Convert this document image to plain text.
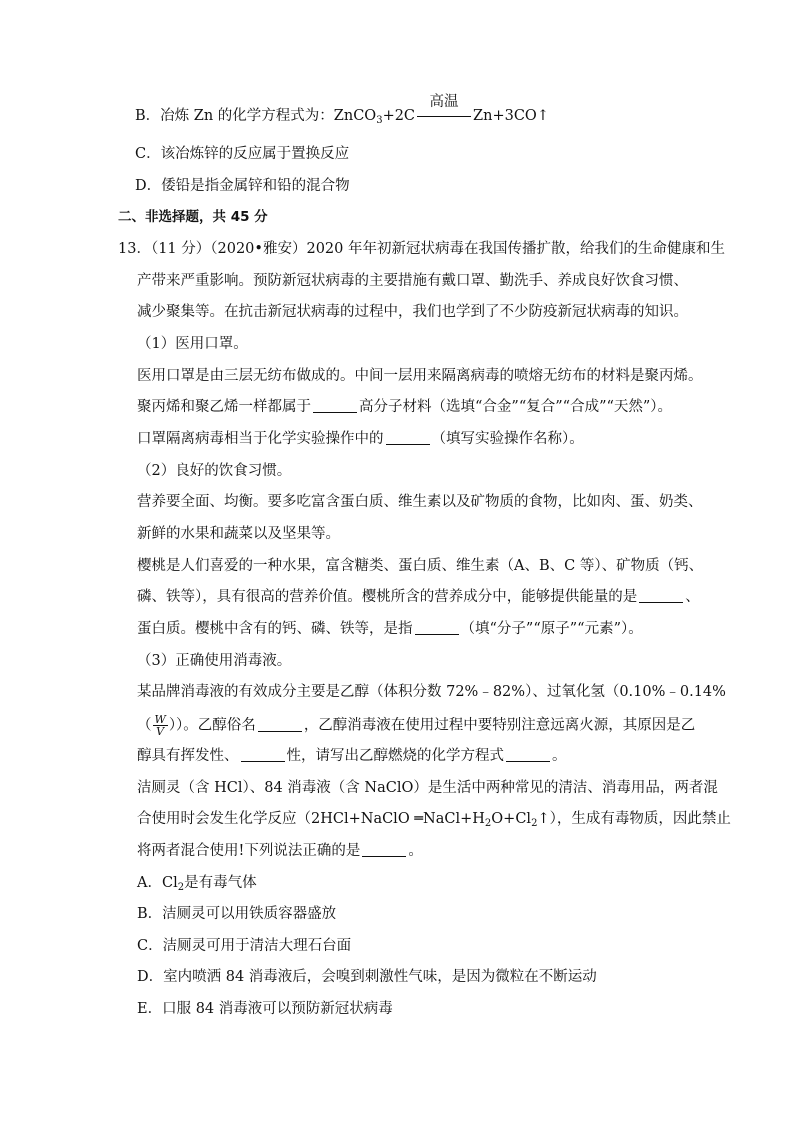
B．冶炼 Zn 的化学方程式为：ZnCO$_3$+2C
高温
Zn+3CO↑
C．该冶炼锌的反应属于置换反应
D．倭铅是指金属锌和铅的混合物
二、非选择题，共 45 分
13．（11 分）（2020•雅安）2020 年年初新冠状病毒在我国传播扩散，给我们的生命健康和生
产带来严重影响。预防新冠状病毒的主要措施有戴口罩、勤洗手、养成良好饮食习惯、
减少聚集等。在抗击新冠状病毒的过程中，我们也学到了不少防疫新冠状病毒的知识。
（1）医用口罩。
医用口罩是由三层无纺布做成的。中间一层用来隔离病毒的喷熔无纺布的材料是聚丙烯。
聚丙烯和聚乙烯一样都属于	高分子材料（选填“合金”“复合”“合成”“天然”）。
口罩隔离病毒相当于化学实验操作中的	（填写实验操作名称）。
（2）良好的饮食习惯。
营养要全面、均衡。要多吃富含蛋白质、维生素以及矿物质的食物，比如肉、蛋、奶类、
新鲜的水果和蔬菜以及坚果等。
樱桃是人们喜爱的一种水果，富含糖类、蛋白质、维生素（A、B、C 等）、矿物质（钙、
磷、铁等），具有很高的营养价值。樱桃所含的营养成分中，能够提供能量的是	、
蛋白质。樱桃中含有的钙、磷、铁等，是指	（填“分子”“原子”“元素”）。
（3）正确使用消毒液。
某品牌消毒液的有效成分主要是乙醇（体积分数 72%﹣82%）、过氧化氢（0.10%﹣0.14%
（ $\frac{W}{V}$ ））。乙醇俗名	，乙醇消毒液在使用过程中要特别注意远离火源，其原因是乙
醇具有挥发性、	性，请写出乙醇燃烧的化学方程式	。
洁厕灵（含 HCl）、84 消毒液（含 NaClO）是生活中两种常见的清洁、消毒用品，两者混
合使用时会发生化学反应（2HCl+NaClO $═NaCl+H_2O+Cl_2↑$），生成有毒物质，因此禁止
将两者混合使用!下列说法正确的是	。
A．$Cl_2$是有毒气体
B．洁厕灵可以用铁质容器盛放
C．洁厕灵可用于清洁大理石台面
D．室内喷洒 84 消毒液后，会嗅到刺激性气味，是因为微粒在不断运动
E．口服 84 消毒液可以预防新冠状病毒
